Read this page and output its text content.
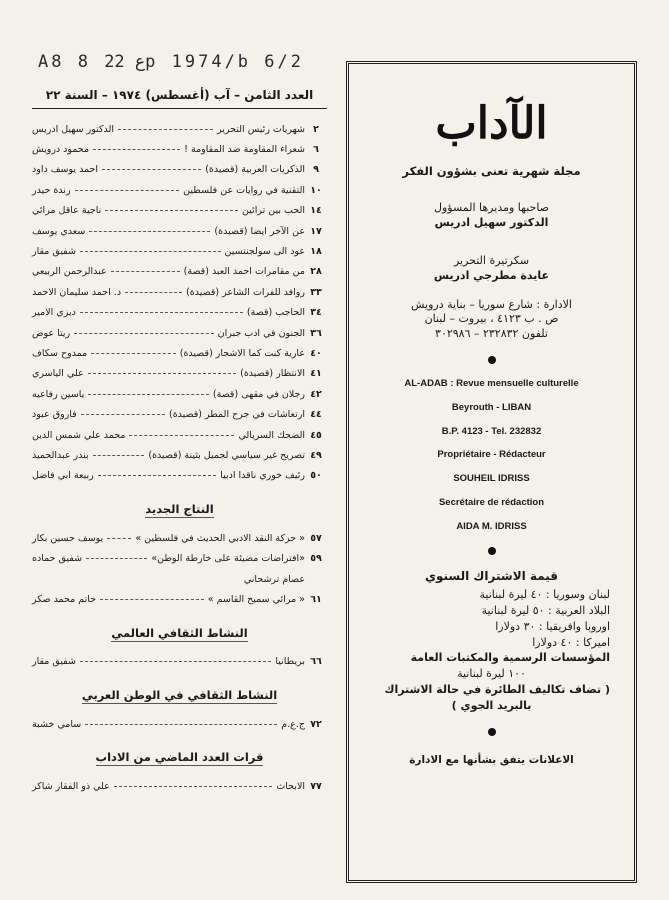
A8 8 ع 22p 1974/b 6/2
العدد الثامن – آب (أغسطس) ١٩٧٤ – السنة ٢٢
٢
شهريات رئيس التحرير
الدكتور سهيل ادريس
٦
شعراء المقاومة ضد المقاومة !
محمود درويش
٩
الذكريات العربية (قصيدة)
احمد يوسف داود
١٠
التقنية في روايات عن فلسطين
رندة حيدر
١٤
الحب بين ترائين
ناجية عاقل مرائي
١٧
عن الآخر ايضا (قصيدة)
سعدي يوسف
١٨
عود الى سولجنتسين
شفيق مقار
٢٨
من مقامرات احمد العبد (قصة)
عبدالرحمن الربيعي
٣٣
روافد للفرات الشاعر (قصيدة)
د. احمد سليمان الاحمد
٣٤
الحاجب (قصة)
ديزي الامير
٣٦
الجنون في ادب جبران
ريتا عوض
٤٠
عارية كنت كما الاشجار (قصيدة)
ممدوح سكاف
٤١
الانتظار (قصيدة)
علي الياسري
٤٢
رجلان في مقهى (قصة)
ياسين رفاعيه
٤٤
ارتعاشات في جرح المطر (قصيدة)
فاروق عبود
٤٥
الضحك السريالي
محمد علي شمس الدين
٤٩
تصريح غير سياسي لجميل بثينة (قصيدة)
بندر عبدالحميد
٥٠
رئيف خوري ناقدا ادبيا
ربيعة ابي فاضل
النتاج الجديد
٥٧
« حركة النقد الادبي الحديث في فلسطين »
يوسف حسين بكار
٥٩
«افتراضات مضيئة على خارطة الوطن»
شفيق حماده
عصام ترشحاني
٦١
« مرائي سميح القاسم »
حاتم محمد صكر
النشاط الثقافي العالمي
٦٦
بريطانيا
شفيق مقار
النشاط الثقافي في الوطن العربي
٧٢
ج.ع.م
سامي خشبة
قرات العدد الماضي من الاداب
٧٧
الابحاث
علي ذو الفقار شاكر
الآداب
مجلة شهرية تعنى بشؤون الفكر
صاحبها ومديرها المسؤول
الدكتور سهيل ادريس
سكرتيرة التحرير
عايدة مطرجي ادريس
الادارة : شارع سوريا – بناية درويش
ص . ب ٤١٢٣ ، بيروت – لبنان
تلفون ٢٣٢٨٣٢ – ٣٠٢٩٨٦

AL-ADAB : Revue mensuelle culturelle

Beyrouth - LIBAN

B.P. 4123 - Tel. 232832

Propriétaire - Rédacteur

SOUHEIL IDRISS

Secrétaire de rédaction

AIDA M. IDRISS

قيمة الاشتراك السنوي
لبنان وسوريا : ٤٠ ليرة لبنانية
البلاد العربية : ٥٠ ليرة لبنانية
اوروبا وافريقيا : ٣٠ دولارا
اميركا : ٤٠ دولارا
المؤسسات الرسمية والمكتبات العامة
١٠٠ ليرة لبنانية
( تضاف تكاليف الطائرة في حالة الاشتراك
بالبريد الجوي )
الاعلانات يتفق بشأنها مع الادارة
